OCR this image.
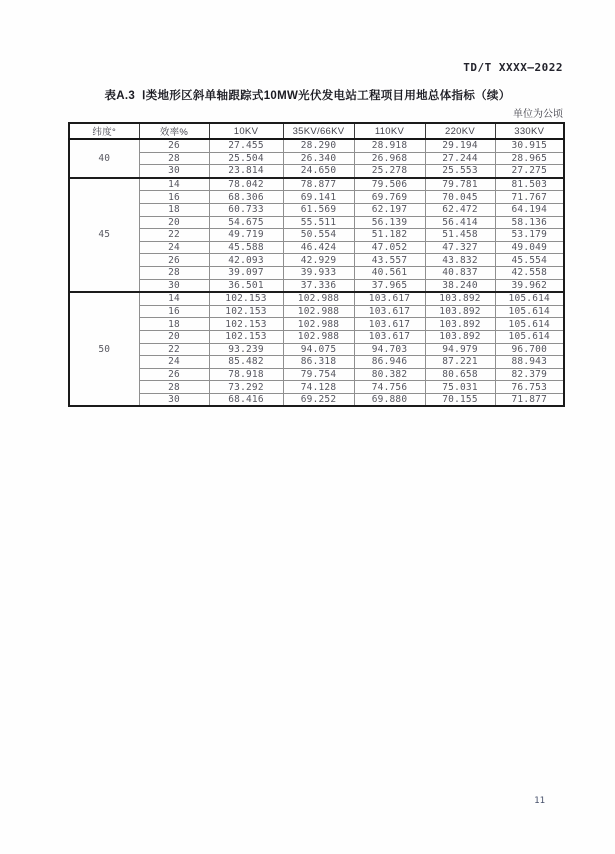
TD/T XXXX—2022
表A.3  Ⅰ类地形区斜单轴跟踪式10MW光伏发电站工程项目用地总体指标（续）
单位为公顷
纬度°	效率%	10KV	35KV/66KV	110KV	220KV	330KV
40	26	27.455	28.290	28.918	29.194	30.915
	28	25.504	26.340	26.968	27.244	28.965
	30	23.814	24.650	25.278	25.553	27.275
45	14	78.042	78.877	79.506	79.781	81.503
	16	68.306	69.141	69.769	70.045	71.767
	18	60.733	61.569	62.197	62.472	64.194
	20	54.675	55.511	56.139	56.414	58.136
	22	49.719	50.554	51.182	51.458	53.179
	24	45.588	46.424	47.052	47.327	49.049
	26	42.093	42.929	43.557	43.832	45.554
	28	39.097	39.933	40.561	40.837	42.558
	30	36.501	37.336	37.965	38.240	39.962
50	14	102.153	102.988	103.617	103.892	105.614
	16	102.153	102.988	103.617	103.892	105.614
	18	102.153	102.988	103.617	103.892	105.614
	20	102.153	102.988	103.617	103.892	105.614
	22	93.239	94.075	94.703	94.979	96.700
	24	85.482	86.318	86.946	87.221	88.943
	26	78.918	79.754	80.382	80.658	82.379
	28	73.292	74.128	74.756	75.031	76.753
	30	68.416	69.252	69.880	70.155	71.877
11
